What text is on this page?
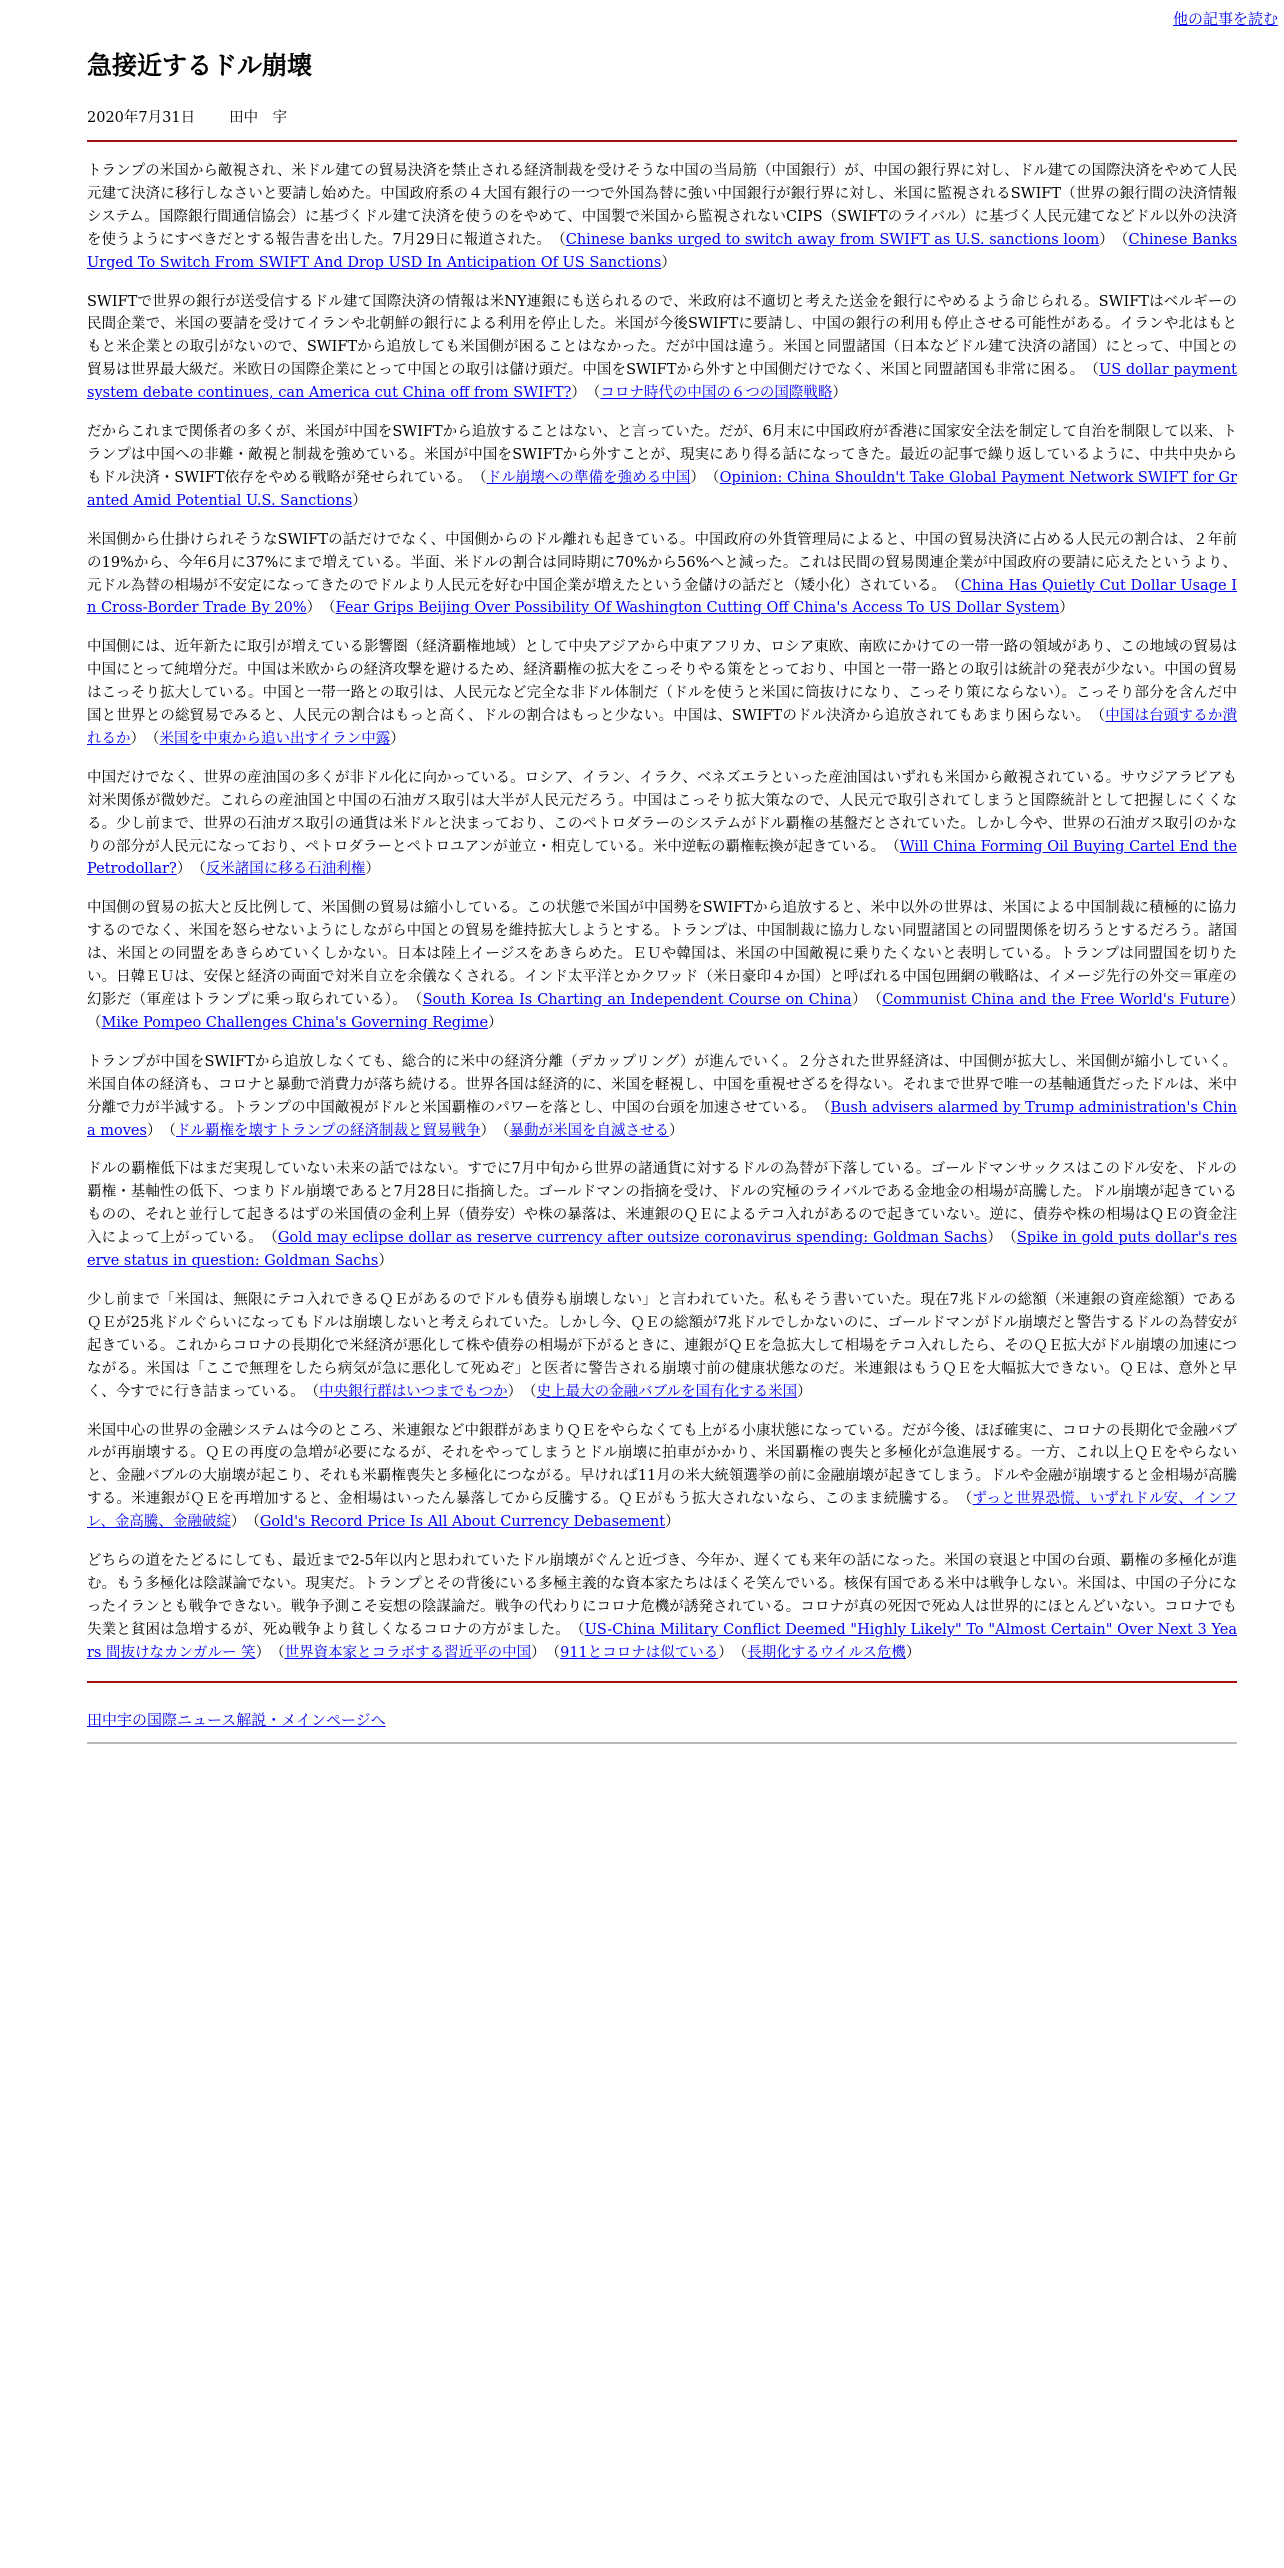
他の記事を読む
急接近するドル崩壊
2020年7月31日 田中　宇

トランプの米国から敵視され、米ドル建ての貿易決済を禁止される経済制裁を受けそうな中国の当局筋（中国銀行）が、中国の銀行界に対し、ドル建ての国際決済をやめて人民元建て決済に移行しなさいと要請し始めた。中国政府系の４大国有銀行の一つで外国為替に強い中国銀行が銀行界に対し、米国に監視されるSWIFT（世界の銀行間の決済情報システム。国際銀行間通信協会）に基づくドル建て決済を使うのをやめて、中国製で米国から監視されないCIPS（SWIFTのライバル）に基づく人民元建てなどドル以外の決済を使うようにすべきだとする報告書を出した。7月29日に報道された。　 （Chinese banks urged to switch away from SWIFT as U.S. sanctions loom）　 （Chinese Banks Urged To Switch From SWIFT And Drop USD In Anticipation Of US Sanctions）

SWIFTで世界の銀行が送受信するドル建て国際決済の情報は米NY連銀にも送られるので、米政府は不適切と考えた送金を銀行にやめるよう命じられる。SWIFTはベルギーの民間企業で、米国の要請を受けてイランや北朝鮮の銀行による利用を停止した。米国が今後SWIFTに要請し、中国の銀行の利用も停止させる可能性がある。イランや北はもともと米企業との取引がないので、SWIFTから追放しても米国側が困ることはなかった。だが中国は違う。米国と同盟諸国（日本などドル建て決済の諸国）にとって、中国との貿易は世界最大級だ。米欧日の国際企業にとって中国との取引は儲け頭だ。中国をSWIFTから外すと中国側だけでなく、米国と同盟諸国も非常に困る。　 （US dollar payment system debate continues, can America cut China off from SWIFT?）　 （コロナ時代の中国の６つの国際戦略）

だからこれまで関係者の多くが、米国が中国をSWIFTから追放することはない、と言っていた。だが、6月末に中国政府が香港に国家安全法を制定して自治を制限して以来、トランプは中国への非難・敵視と制裁を強めている。米国が中国をSWIFTから外すことが、現実にあり得る話になってきた。最近の記事で繰り返しているように、中共中央からもドル決済・SWIFT依存をやめる戦略が発せられている。　 （ドル崩壊への準備を強める中国）　 （Opinion: China Shouldn't Take Global Payment Network SWIFT for Granted Amid Potential U.S. Sanctions）

米国側から仕掛けられそうなSWIFTの話だけでなく、中国側からのドル離れも起きている。中国政府の外貨管理局によると、中国の貿易決済に占める人民元の割合は、２年前の19%から、今年6月に37%にまで増えている。半面、米ドルの割合は同時期に70%から56%へと減った。これは民間の貿易関連企業が中国政府の要請に応えたというより、元ドル為替の相場が不安定になってきたのでドルより人民元を好む中国企業が増えたという金儲けの話だと（矮小化）されている。　 （China Has Quietly Cut Dollar Usage In Cross-Border Trade By 20%）　 （Fear Grips Beijing Over Possibility Of Washington Cutting Off China's Access To US Dollar System）

中国側には、近年新たに取引が増えている影響圏（経済覇権地域）として中央アジアから中東アフリカ、ロシア東欧、南欧にかけての一帯一路の領域があり、この地域の貿易は中国にとって純増分だ。中国は米欧からの経済攻撃を避けるため、経済覇権の拡大をこっそりやる策をとっており、中国と一帯一路との取引は統計の発表が少ない。中国の貿易はこっそり拡大している。中国と一帯一路との取引は、人民元など完全な非ドル体制だ（ドルを使うと米国に筒抜けになり、こっそり策にならない）。こっそり部分を含んだ中国と世界との総貿易でみると、人民元の割合はもっと高く、ドルの割合はもっと少ない。中国は、SWIFTのドル決済から追放されてもあまり困らない。　 （中国は台頭するか潰れるか）　 （米国を中東から追い出すイラン中露）

中国だけでなく、世界の産油国の多くが非ドル化に向かっている。ロシア、イラン、イラク、ベネズエラといった産油国はいずれも米国から敵視されている。サウジアラビアも対米関係が微妙だ。これらの産油国と中国の石油ガス取引は大半が人民元だろう。中国はこっそり拡大策なので、人民元で取引されてしまうと国際統計として把握しにくくなる。少し前まで、世界の石油ガス取引の通貨は米ドルと決まっており、このペトロダラーのシステムがドル覇権の基盤だとされていた。しかし今や、世界の石油ガス取引のかなりの部分が人民元になっており、ペトロダラーとペトロユアンが並立・相克している。米中逆転の覇権転換が起きている。　 （Will China Forming Oil Buying Cartel End the Petrodollar?）　 （反米諸国に移る石油利権）

中国側の貿易の拡大と反比例して、米国側の貿易は縮小している。この状態で米国が中国勢をSWIFTから追放すると、米中以外の世界は、米国による中国制裁に積極的に協力するのでなく、米国を怒らせないようにしながら中国との貿易を維持拡大しようとする。トランプは、中国制裁に協力しない同盟諸国との同盟関係を切ろうとするだろう。諸国は、米国との同盟をあきらめていくしかない。日本は陸上イージスをあきらめた。ＥＵや韓国は、米国の中国敵視に乗りたくないと表明している。トランプは同盟国を切りたい。日韓ＥＵは、安保と経済の両面で対米自立を余儀なくされる。インド太平洋とかクワッド（米日豪印４か国）と呼ばれる中国包囲網の戦略は、イメージ先行の外交＝軍産の幻影だ（軍産はトランプに乗っ取られている）。　 （South Korea Is Charting an Independent Course on China）　 （Communist China and the Free World's Future）　（Mike Pompeo Challenges China's Governing Regime）

トランプが中国をSWIFTから追放しなくても、総合的に米中の経済分離（デカップリング）が進んでいく。２分された世界経済は、中国側が拡大し、米国側が縮小していく。米国自体の経済も、コロナと暴動で消費力が落ち続ける。世界各国は経済的に、米国を軽視し、中国を重視せざるを得ない。それまで世界で唯一の基軸通貨だったドルは、米中分離で力が半減する。トランプの中国敵視がドルと米国覇権のパワーを落とし、中国の台頭を加速させている。　 （Bush advisers alarmed by Trump administration's China moves）　 （ドル覇権を壊すトランプの経済制裁と貿易戦争）　 （暴動が米国を自滅させる）

ドルの覇権低下はまだ実現していない未来の話ではない。すでに7月中旬から世界の諸通貨に対するドルの為替が下落している。ゴールドマンサックスはこのドル安を、ドルの覇権・基軸性の低下、つまりドル崩壊であると7月28日に指摘した。ゴールドマンの指摘を受け、ドルの究極のライバルである金地金の相場が高騰した。ドル崩壊が起きているものの、それと並行して起きるはずの米国債の金利上昇（債券安）や株の暴落は、米連銀のＱＥによるテコ入れがあるので起きていない。逆に、債券や株の相場はＱＥの資金注入によって上がっている。　 （Gold may eclipse dollar as reserve currency after outsize coronavirus spending: Goldman Sachs）　 （Spike in gold puts dollar's reserve status in question: Goldman Sachs）

少し前まで「米国は、無限にテコ入れできるＱＥがあるのでドルも債券も崩壊しない」と言われていた。私もそう書いていた。現在7兆ドルの総額（米連銀の資産総額）であるＱＥが25兆ドルぐらいになってもドルは崩壊しないと考えられていた。しかし今、ＱＥの総額が7兆ドルでしかないのに、ゴールドマンがドル崩壊だと警告するドルの為替安が起きている。これからコロナの長期化で米経済が悪化して株や債券の相場が下がるときに、連銀がＱＥを急拡大して相場をテコ入れしたら、そのＱＥ拡大がドル崩壊の加速につながる。米国は「ここで無理をしたら病気が急に悪化して死ぬぞ」と医者に警告される崩壊寸前の健康状態なのだ。米連銀はもうＱＥを大幅拡大できない。ＱＥは、意外と早く、今すでに行き詰まっている。　 （中央銀行群はいつまでもつか）　 （史上最大の金融バブルを国有化する米国）

米国中心の世界の金融システムは今のところ、米連銀など中銀群があまりＱＥをやらなくても上がる小康状態になっている。だが今後、ほぼ確実に、コロナの長期化で金融バブルが再崩壊する。ＱＥの再度の急増が必要になるが、それをやってしまうとドル崩壊に拍車がかかり、米国覇権の喪失と多極化が急進展する。一方、これ以上ＱＥをやらないと、金融バブルの大崩壊が起こり、それも米覇権喪失と多極化につながる。早ければ11月の米大統領選挙の前に金融崩壊が起きてしまう。ドルや金融が崩壊すると金相場が高騰する。米連銀がＱＥを再増加すると、金相場はいったん暴落してから反騰する。ＱＥがもう拡大されないなら、このまま続騰する。　 （ずっと世界恐慌、いずれドル安、インフレ、金高騰、金融破綻）　 （Gold's Record Price Is All About Currency Debasement）

どちらの道をたどるにしても、最近まで2-5年以内と思われていたドル崩壊がぐんと近づき、今年か、遅くても来年の話になった。米国の衰退と中国の台頭、覇権の多極化が進む。もう多極化は陰謀論でない。現実だ。トランプとその背後にいる多極主義的な資本家たちはほくそ笑んでいる。核保有国である米中は戦争しない。米国は、中国の子分になったイランとも戦争できない。戦争予測こそ妄想の陰謀論だ。戦争の代わりにコロナ危機が誘発されている。コロナが真の死因で死ぬ人は世界的にほとんどいない。コロナでも失業と貧困は急増するが、死ぬ戦争より貧しくなるコロナの方がました。　 （US-China Military Conflict Deemed "Highly Likely" To "Almost Certain" Over Next 3 Years 間抜けなカンガルー 笑）　 （世界資本家とコラボする習近平の中国）　 （911とコロナは似ている）　 （長期化するウイルス危機）

田中宇の国際ニュース解説・メインページへ
